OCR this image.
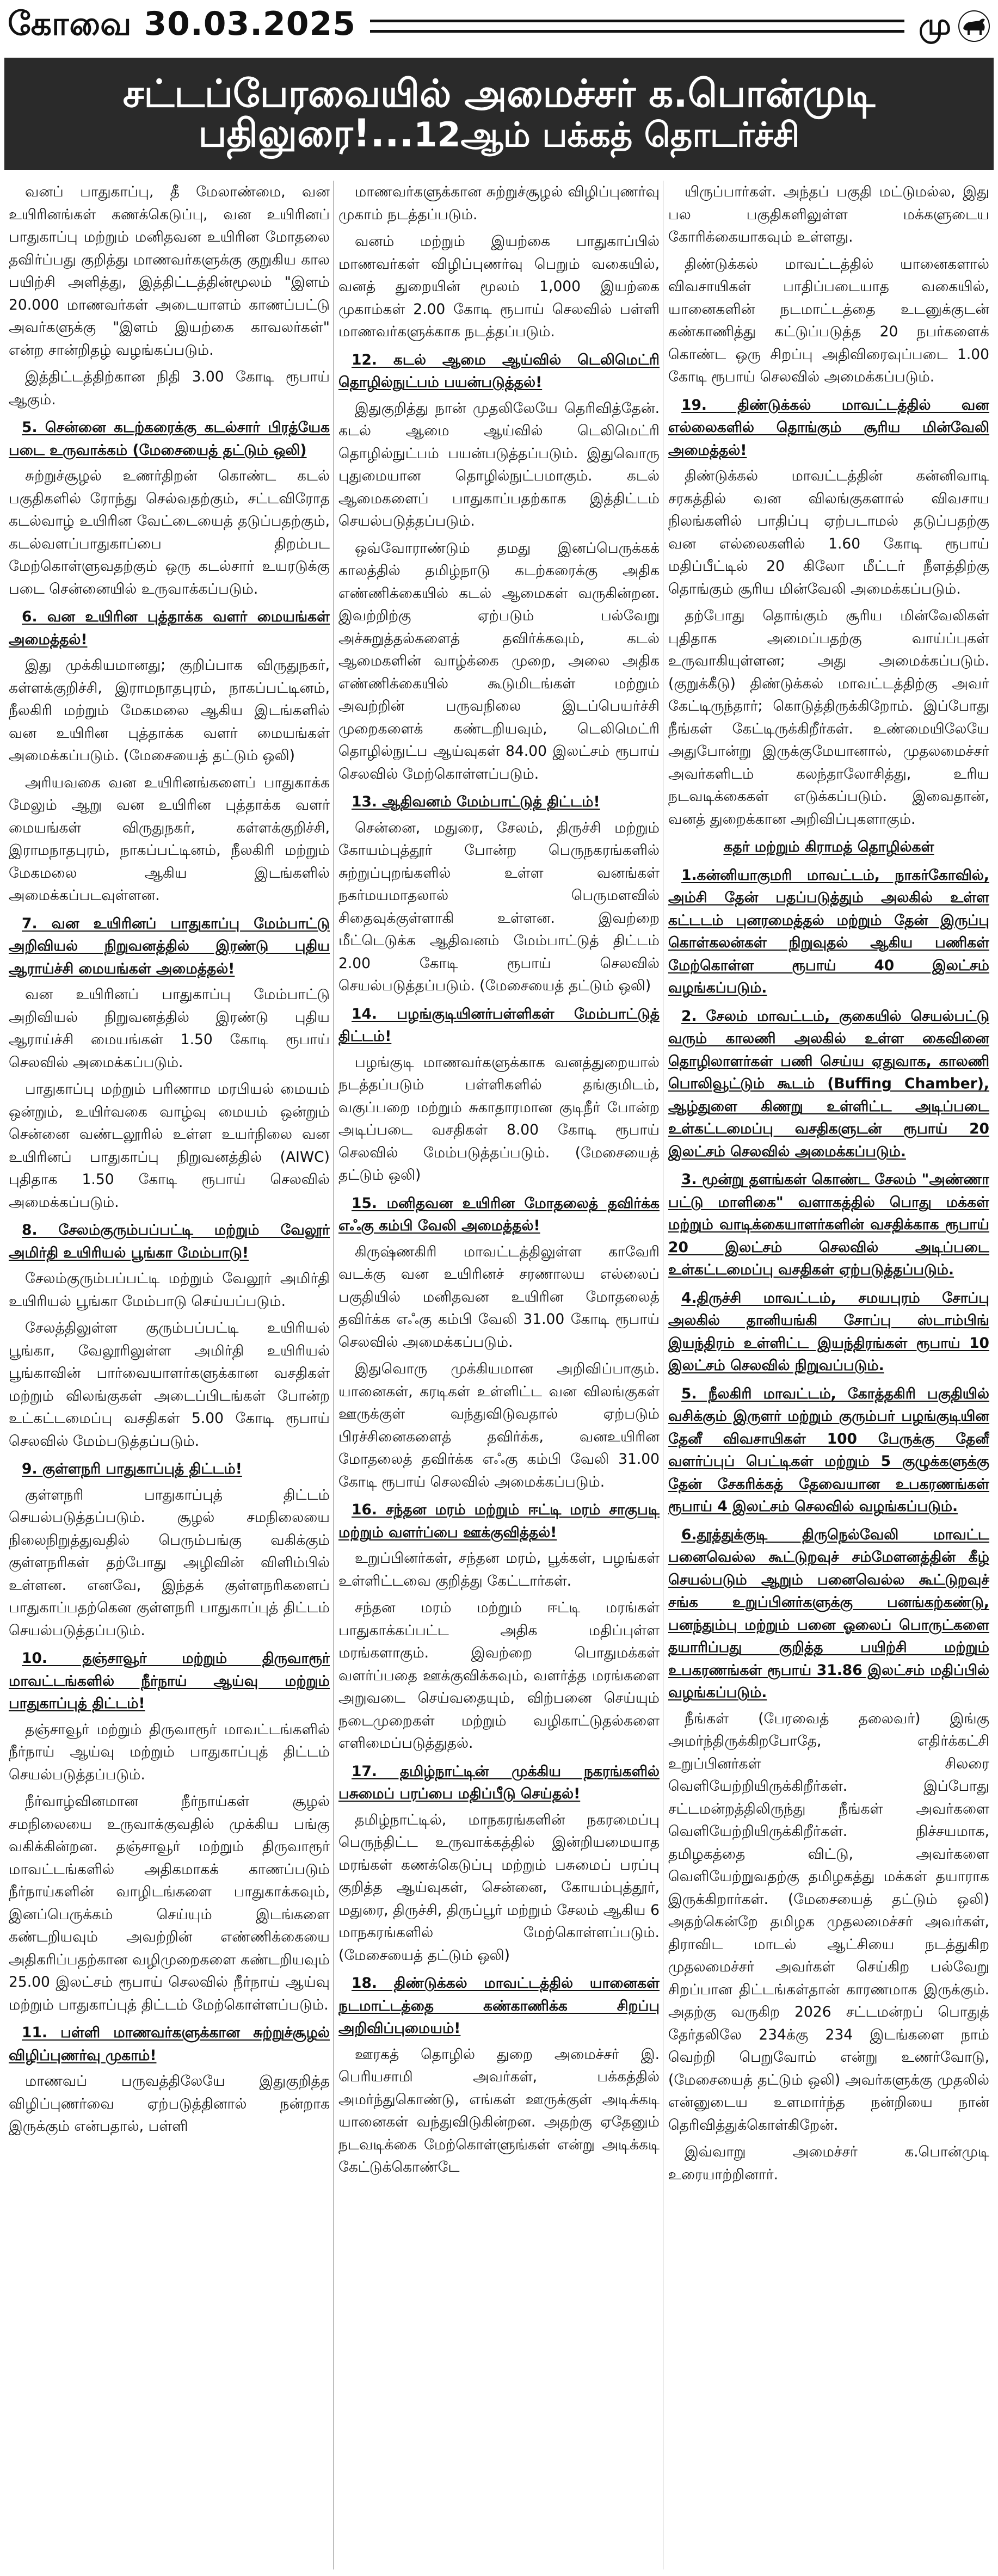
கோவை 30.03.2025	மு
சட்டப்பேரவையில் அமைச்சர் க.பொன்முடி பதிலுரை!...12ஆம் பக்கத் தொடர்ச்சி

வனப் பாதுகாப்பு, தீ மேலாண்மை, வன உயிரினங்கள் கணக்கெடுப்பு, வன உயிரினப் பாதுகாப்பு மற்றும் மனிதவன உயிரின மோதலை தவிர்ப்பது குறித்து மாணவர்களுக்கு குறுகிய கால பயிற்சி அளித்து, இத்திட்டத்தின்மூலம் "இளம் 20.000 மாணவர்கள் அடையாளம் காணப்பட்டு அவர்களுக்கு "இளம் இயற்கை காவலர்கள்" என்ற சான்றிதழ் வழங்கப்படும்.

இத்திட்டத்திற்கான நிதி 3.00 கோடி ரூபாய் ஆகும்.

5. சென்னை கடற்கரைக்கு கடல்சார் பிரத்யேக படை உருவாக்கம் (மேசையைத் தட்டும் ஒலி)

சுற்றுச்சூழல் உணர்திறன் கொண்ட கடல் பகுதிகளில் ரோந்து செல்வதற்கும், சட்டவிரோத கடல்வாழ் உயிரின வேட்டையைத் தடுப்பதற்கும், கடல்வளப்பாதுகாப்பை திறம்பட மேற்கொள்ளுவதற்கும் ஒரு கடல்சார் உயரடுக்கு படை சென்னையில் உருவாக்கப்படும்.

6. வன உயிரின புத்தாக்க வளர் மையங்கள் அமைத்தல்!

இது முக்கியமானது; குறிப்பாக விருதுநகர், கள்ளக்குறிச்சி, இராமநாதபுரம், நாகப்பட்டினம், நீலகிரி மற்றும் மேகமலை ஆகிய இடங்களில் வன உயிரின புத்தாக்க வளர் மையங்கள் அமைக்கப்படும். (மேசையைத் தட்டும் ஒலி)

அரியவகை வன உயிரினங்களைப் பாதுகாக்க மேலும் ஆறு வன உயிரின புத்தாக்க வளர் மையங்கள் விருதுநகர், கள்ளக்குறிச்சி, இராமநாதபுரம், நாகப்பட்டினம், நீலகிரி மற்றும் மேகமலை ஆகிய இடங்களில் அமைக்கப்படவுள்ளன.

7. வன உயிரினப் பாதுகாப்பு மேம்பாட்டு அறிவியல் நிறுவனத்தில் இரண்டு புதிய ஆராய்ச்சி மையங்கள் அமைத்தல்!

வன உயிரினப் பாதுகாப்பு மேம்பாட்டு அறிவியல் நிறுவனத்தில் இரண்டு புதிய ஆராய்ச்சி மையங்கள் 1.50 கோடி ரூபாய் செலவில் அமைக்கப்படும்.

பாதுகாப்பு மற்றும் பரிணாம மரபியல் மையம் ஒன்றும், உயிர்வகை வாழ்வு மையம் ஒன்றும் சென்னை வண்டலூரில் உள்ள உயர்நிலை வன உயிரினப் பாதுகாப்பு நிறுவனத்தில் (AIWC) புதிதாக 1.50 கோடி ரூபாய் செலவில் அமைக்கப்படும்.

8. சேலம்குரும்பப்பட்டி மற்றும் வேலூர் அமிர்தி உயிரியல் பூங்கா மேம்பாடு!

சேலம்குரும்பப்பட்டி மற்றும் வேலூர் அமிர்தி உயிரியல் பூங்கா மேம்பாடு செய்யப்படும்.

சேலத்திலுள்ள குரும்பப்பட்டி உயிரியல் பூங்கா, வேலூரிலுள்ள அமிர்தி உயிரியல் பூங்காவின் பார்வையாளர்களுக்கான வசதிகள் மற்றும் விலங்குகள் அடைப்பிடங்கள் போன்ற உட்கட்டமைப்பு வசதிகள் 5.00 கோடி ரூபாய் செலவில் மேம்படுத்தப்படும்.

9. குள்ளநரி பாதுகாப்புத் திட்டம்!

குள்ளநரி பாதுகாப்புத் திட்டம் செயல்படுத்தப்படும். சூழல் சமநிலையை நிலைநிறுத்துவதில் பெரும்பங்கு வகிக்கும் குள்ளநரிகள் தற்போது அழிவின் விளிம்பில் உள்ளன. எனவே, இந்தக் குள்ளநரிகளைப் பாதுகாப்பதற்கென குள்ளநரி பாதுகாப்புத் திட்டம் செயல்படுத்தப்படும்.

10. தஞ்சாவூர் மற்றும் திருவாரூர் மாவட்டங்களில் நீர்நாய் ஆய்வு மற்றும் பாதுகாப்புத் திட்டம்!

தஞ்சாவூர் மற்றும் திருவாரூர் மாவட்டங்களில் நீர்நாய் ஆய்வு மற்றும் பாதுகாப்புத் திட்டம் செயல்படுத்தப்படும்.

நீர்வாழ்வினமான நீர்நாய்கள் சூழல் சமநிலையை உருவாக்குவதில் முக்கிய பங்கு வகிக்கின்றன. தஞ்சாவூர் மற்றும் திருவாரூர் மாவட்டங்களில் அதிகமாகக் காணப்படும் நீர்நாய்களின் வாழிடங்களை பாதுகாக்கவும், இனப்பெருக்கம் செய்யும் இடங்களை கண்டறியவும் அவற்றின் எண்ணிக்கையை அதிகரிப்பதற்கான வழிமுறைகளை கண்டறியவும் 25.00 இலட்சம் ரூபாய் செலவில் நீர்நாய் ஆய்வு மற்றும் பாதுகாப்புத் திட்டம் மேற்கொள்ளப்படும்.

11. பள்ளி மாணவர்களுக்கான சுற்றுச்சூழல் விழிப்புணர்வு முகாம்!

மாணவப் பருவத்திலேயே இதுகுறித்த விழிப்புணர்வை ஏற்படுத்தினால் நன்றாக இருக்கும் என்பதால், பள்ளி

மாணவர்களுக்கான சுற்றுச்சூழல் விழிப்புணர்வு முகாம் நடத்தப்படும்.

வனம் மற்றும் இயற்கை பாதுகாப்பில் மாணவர்கள் விழிப்புணர்வு பெறும் வகையில், வனத் துறையின் மூலம் 1,000 இயற்கை முகாம்கள் 2.00 கோடி ரூபாய் செலவில் பள்ளி மாணவர்களுக்காக நடத்தப்படும்.

12. கடல் ஆமை ஆய்வில் டெலிமெட்ரி தொழில்நுட்பம் பயன்படுத்தல்!

இதுகுறித்து நான் முதலிலேயே தெரிவித்தேன். கடல் ஆமை ஆய்வில் டெலிமெட்ரி தொழில்நுட்பம் பயன்படுத்தப்படும். இதுவொரு புதுமையான தொழில்நுட்பமாகும். கடல் ஆமைகளைப் பாதுகாப்பதற்காக இத்திட்டம் செயல்படுத்தப்படும்.

ஒவ்வோராண்டும் தமது இனப்பெருக்கக் காலத்தில் தமிழ்நாடு கடற்கரைக்கு அதிக எண்ணிக்கையில் கடல் ஆமைகள் வருகின்றன. இவற்றிற்கு ஏற்படும் பல்வேறு அச்சுறுத்தல்களைத் தவிர்க்கவும், கடல் ஆமைகளின் வாழ்க்கை முறை, அலை அதிக எண்ணிக்கையில் கூடுமிடங்கள் மற்றும் அவற்றின் பருவநிலை இடப்பெயர்ச்சி முறைகளைக் கண்டறியவும், டெலிமெட்ரி தொழில்நுட்ப ஆய்வுகள் 84.00 இலட்சம் ரூபாய் செலவில் மேற்கொள்ளப்படும்.

13. ஆதிவனம் மேம்பாட்டுத் திட்டம்!

சென்னை, மதுரை, சேலம், திருச்சி மற்றும் கோயம்புத்தூர் போன்ற பெருநகரங்களில் சுற்றுப்புறங்களில் உள்ள வனங்கள் நகர்மயமாதலால் பெருமளவில் சிதைவுக்குள்ளாகி உள்ளன. இவற்றை மீட்டெடுக்க ஆதிவனம் மேம்பாட்டுத் திட்டம் 2.00 கோடி ரூபாய் செலவில் செயல்படுத்தப்படும். (மேசையைத் தட்டும் ஒலி)

14. பழங்குடியினர்பள்ளிகள் மேம்பாட்டுத் திட்டம்!

பழங்குடி மாணவர்களுக்காக வனத்துறையால் நடத்தப்படும் பள்ளிகளில் தங்குமிடம், வகுப்பறை மற்றும் சுகாதாரமான குடிநீர் போன்ற அடிப்படை வசதிகள் 8.00 கோடி ரூபாய் செலவில் மேம்படுத்தப்படும். (மேசையைத் தட்டும் ஒலி)

15. மனிதவன உயிரின மோதலைத் தவிர்க்க எஃகு கம்பி வேலி அமைத்தல்!

கிருஷ்ணகிரி மாவட்டத்திலுள்ள காவேரி வடக்கு வன உயிரினச் சரணாலய எல்லைப் பகுதியில் மனிதவன உயிரின மோதலைத் தவிர்க்க எஃகு கம்பி வேலி 31.00 கோடி ரூபாய் செலவில் அமைக்கப்படும்.

இதுவொரு முக்கியமான அறிவிப்பாகும். யானைகள், கரடிகள் உள்ளிட்ட வன விலங்குகள் ஊருக்குள் வந்துவிடுவதால் ஏற்படும் பிரச்சினைகளைத் தவிர்க்க, வனஉயிரின மோதலைத் தவிர்க்க எஃகு கம்பி வேலி 31.00 கோடி ரூபாய் செலவில் அமைக்கப்படும்.

16. சந்தன மரம் மற்றும் ஈட்டி மரம் சாகுபடி மற்றும் வளர்ப்பை ஊக்குவித்தல்!

உறுப்பினர்கள், சந்தன மரம், பூக்கள், பழங்கள் உள்ளிட்டவை குறித்து கேட்டார்கள்.

சந்தன மரம் மற்றும் ஈட்டி மரங்கள் பாதுகாக்கப்பட்ட அதிக மதிப்புள்ள மரங்களாகும். இவற்றை பொதுமக்கள் வளர்ப்பதை ஊக்குவிக்கவும், வளர்த்த மரங்களை அறுவடை செய்வதையும், விற்பனை செய்யும் நடைமுறைகள் மற்றும் வழிகாட்டுதல்களை எளிமைப்படுத்துதல்.

17. தமிழ்நாட்டின் முக்கிய நகரங்களில் பசுமைப் பரப்பை மதிப்பீடு செய்தல்!

தமிழ்நாட்டில், மாநகரங்களின் நகரமைப்பு பெருந்திட்ட உருவாக்கத்தில் இன்றியமையாத மரங்கள் கணக்கெடுப்பு மற்றும் பசுமைப் பரப்பு குறித்த ஆய்வுகள், சென்னை, கோயம்புத்தூர், மதுரை, திருச்சி, திருப்பூர் மற்றும் சேலம் ஆகிய 6 மாநகரங்களில் மேற்கொள்ளப்படும். (மேசையைத் தட்டும் ஒலி)

18. திண்டுக்கல் மாவட்டத்தில் யானைகள் நடமாட்டத்தை கண்காணிக்க சிறப்பு அறிவிப்புமையம்!

ஊரகத் தொழில் துறை அமைச்சர் இ. பெரியசாமி அவர்கள், பக்கத்தில் அமர்ந்துகொண்டு, எங்கள் ஊருக்குள் அடிக்கடி யானைகள் வந்துவிடுகின்றன. அதற்கு ஏதேனும் நடவடிக்கை மேற்கொள்ளுங்கள் என்று அடிக்கடி கேட்டுக்கொண்டே

யிருப்பார்கள். அந்தப் பகுதி மட்டுமல்ல, இது பல பகுதிகளிலுள்ள மக்களுடைய கோரிக்கையாகவும் உள்ளது.

திண்டுக்கல் மாவட்டத்தில் யானைகளால் விவசாயிகள் பாதிப்படையாத வகையில், யானைகளின் நடமாட்டத்தை உடனுக்குடன் கண்காணித்து கட்டுப்படுத்த 20 நபர்களைக் கொண்ட ஒரு சிறப்பு அதிவிரைவுப்படை 1.00 கோடி ரூபாய் செலவில் அமைக்கப்படும்.

19. திண்டுக்கல் மாவட்டத்தில் வன எல்லைகளில் தொங்கும் சூரிய மின்வேலி அமைத்தல்!

திண்டுக்கல் மாவட்டத்தின் கன்னிவாடி சரகத்தில் வன விலங்குகளால் விவசாய நிலங்களில் பாதிப்பு ஏற்படாமல் தடுப்பதற்கு வன எல்லைகளில் 1.60 கோடி ரூபாய் மதிப்பீட்டில் 20 கிலோ மீட்டர் நீளத்திற்கு தொங்கும் சூரிய மின்வேலி அமைக்கப்படும்.

தற்போது தொங்கும் சூரிய மின்வேலிகள் புதிதாக அமைப்பதற்கு வாய்ப்புகள் உருவாகியுள்ளன; அது அமைக்கப்படும். (குறுக்கீடு) திண்டுக்கல் மாவட்டத்திற்கு அவர் கேட்டிருந்தார்; கொடுத்திருக்கிறோம். இப்போது நீங்கள் கேட்டிருக்கிறீர்கள். உண்மையிலேயே அதுபோன்று இருக்குமேயானால், முதலமைச்சர் அவர்களிடம் கலந்தாலோசித்து, உரிய நடவடிக்கைகள் எடுக்கப்படும். இவைதான், வனத் துறைக்கான அறிவிப்புகளாகும்.

கதர் மற்றும் கிராமத் தொழில்கள்

1.கன்னியாகுமரி மாவட்டம், நாகர்கோவில், அம்சி தேன் பதப்படுத்தும் அலகில் உள்ள கட்டடம் புனரமைத்தல் மற்றும் தேன் இருப்பு கொள்கலன்கள் நிறுவுதல் ஆகிய பணிகள் மேற்கொள்ள ரூபாய் 40 இலட்சம் வழங்கப்படும்.

2. சேலம் மாவட்டம், குகையில் செயல்பட்டு வரும் காலணி அலகில் உள்ள கைவினை தொழிலாளர்கள் பணி செய்ய ஏதுவாக, காலணி பொலிவூட்டும் கூடம் (Buffing Chamber), ஆழ்துளை கிணறு உள்ளிட்ட அடிப்படை உள்கட்டமைப்பு வசதிகளுடன் ரூபாய் 20 இலட்சம் செலவில் அமைக்கப்படும்.

3. மூன்று தளங்கள் கொண்ட சேலம் "அண்ணா பட்டு மாளிகை" வளாகத்தில் பொது மக்கள் மற்றும் வாடிக்கையாளர்களின் வசதிக்காக ரூபாய் 20 இலட்சம் செலவில் அடிப்படை உள்கட்டமைப்பு வசதிகள் ஏற்படுத்தப்படும்.

4.திருச்சி மாவட்டம், சமயபுரம் சோப்பு அலகில் தானியங்கி சோப்பு ஸ்டாம்பிங் இயந்திரம் உள்ளிட்ட இயந்திரங்கள் ரூபாய் 10 இலட்சம் செலவில் நிறுவப்படும்.

5. நீலகிரி மாவட்டம், கோத்தகிரி பகுதியில் வசிக்கும் இருளர் மற்றும் குரும்பர் பழங்குடியின தேனீ விவசாயிகள் 100 பேருக்கு தேனீ வளர்ப்புப் பெட்டிகள் மற்றும் 5 குழுக்களுக்கு தேன் சேகரிக்கத் தேவையான உபகரணங்கள் ரூபாய் 4 இலட்சம் செலவில் வழங்கப்படும்.

6.தூத்துக்குடி திருநெல்வேலி மாவட்ட பனைவெல்ல கூட்டுறவுச் சம்மேளனத்தின் கீழ் செயல்படும் ஆறும் பனைவெல்ல கூட்டுறவுச் சங்க உறுப்பினர்களுக்கு பனங்கற்கண்டு, பனந்தும்பு மற்றும் பனை ஓலைப் பொருட்களை தயாரிப்பது குறித்த பயிற்சி மற்றும் உபகரணங்கள் ரூபாய் 31.86 இலட்சம் மதிப்பில் வழங்கப்படும்.

நீங்கள் (பேரவைத் தலைவர்) இங்கு அமர்ந்திருக்கிறபோதே, எதிர்க்கட்சி உறுப்பினர்கள் சிலரை வெளியேற்றியிருக்கிறீர்கள். இப்போது சட்டமன்றத்திலிருந்து நீங்கள் அவர்களை வெளியேற்றியிருக்கிறீர்கள். நிச்சயமாக, தமிழகத்தை விட்டு, அவர்களை வெளியேற்றுவதற்கு தமிழகத்து மக்கள் தயாராக இருக்கிறார்கள். (மேசையைத் தட்டும் ஒலி) அதற்கென்றே தமிழக முதலமைச்சர் அவர்கள், திராவிட மாடல் ஆட்சியை நடத்துகிற முதலமைச்சர் அவர்கள் செய்கிற பல்வேறு சிறப்பான திட்டங்கள்தான் காரணமாக இருக்கும். அதற்கு வருகிற 2026 சட்டமன்றப் பொதுத் தேர்தலிலே 234க்கு 234 இடங்களை நாம் வெற்றி பெறுவோம் என்று உணர்வோடு, (மேசையைத் தட்டும் ஒலி) அவர்களுக்கு முதலில் என்னுடைய உளமார்ந்த நன்றியை நான் தெரிவித்துக்கொள்கிறேன்.

இவ்வாறு அமைச்சர் க.பொன்முடி உரையாற்றினார்.
